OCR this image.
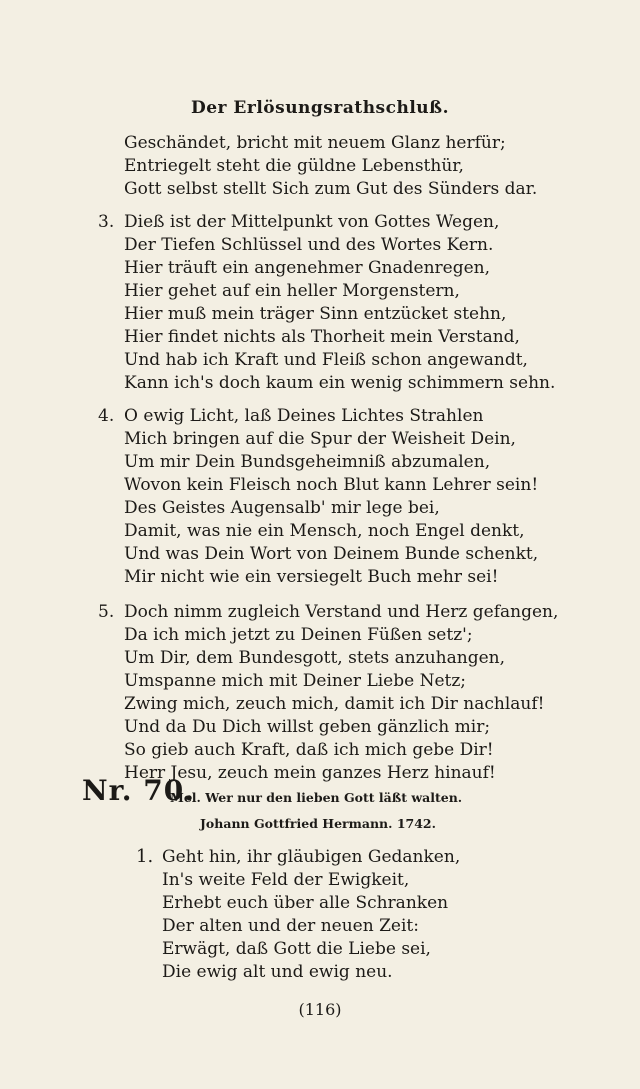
Der Erlösungsrathschluß.
Geschändet, bricht mit neuem Glanz herfür;
Entriegelt steht die güldne Lebensthür,
Gott selbst stellt Sich zum Gut des Sünders dar.
3. Dieß ist der Mittelpunkt von Gottes Wegen,
Der Tiefen Schlüssel und des Wortes Kern.
Hier träuft ein angenehmer Gnadenregen,
Hier gehet auf ein heller Morgenstern,
Hier muß mein träger Sinn entzücket stehn,
Hier findet nichts als Thorheit mein Verstand,
Und hab ich Kraft und Fleiß schon angewandt,
Kann ich's doch kaum ein wenig schimmern sehn.
4. O ewig Licht, laß Deines Lichtes Strahlen
Mich bringen auf die Spur der Weisheit Dein,
Um mir Dein Bundsgeheimniß abzumalen,
Wovon kein Fleisch noch Blut kann Lehrer sein!
Des Geistes Augensalb' mir lege bei,
Damit, was nie ein Mensch, noch Engel denkt,
Und was Dein Wort von Deinem Bunde schenkt,
Mir nicht wie ein versiegelt Buch mehr sei!
5. Doch nimm zugleich Verstand und Herz gefangen,
Da ich mich jetzt zu Deinen Füßen setz';
Um Dir, dem Bundesgott, stets anzuhangen,
Umspanne mich mit Deiner Liebe Netz;
Zwing mich, zeuch mich, damit ich Dir nachlauf!
Und da Du Dich willst geben gänzlich mir;
So gieb auch Kraft, daß ich mich gebe Dir!
Herr Jesu, zeuch mein ganzes Herz hinauf!
Nr. 70.
Mel. Wer nur den lieben Gott läßt walten.
Johann Gottfried Hermann. 1742.
1. Geht hin, ihr gläubigen Gedanken,
In's weite Feld der Ewigkeit,
Erhebt euch über alle Schranken
Der alten und der neuen Zeit:
Erwägt, daß Gott die Liebe sei,
Die ewig alt und ewig neu.
(116)
